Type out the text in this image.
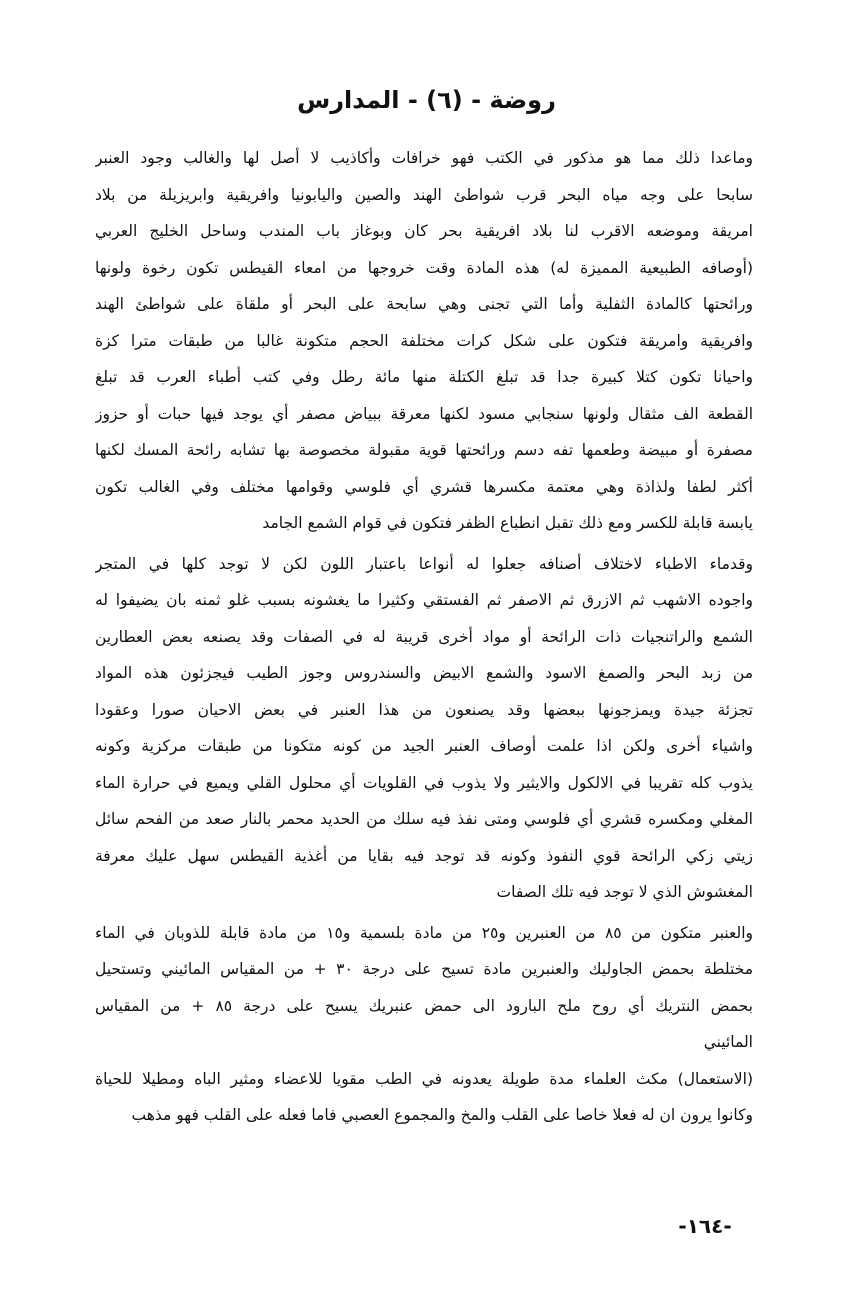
روضة - (٦) - المدارس
وماعدا ذلك مما هو مذكور في الكتب فهو خرافات وأكاذيب لا أصل لها والغالب وجود العنبر
سابحا على وجه مياه البحر قرب شواطئ الهند والصين واليابونيا وافريقية وابريزيلة من بلاد
امريقة وموضعه الاقرب لنا بلاد افريقية بحر كان وبوغاز باب المندب وساحل الخليج العربي
(أوصافه الطبيعية المميزة له) هذه المادة وقت خروجها من امعاء القيطس تكون رخوة ولونها
ورائحتها كالمادة الثفلية وأما التي تجنى وهي سابحة على البحر أو ملقاة على شواطئ الهند
وافريقية وامريقة فتكون على شكل كرات مختلفة الحجم متكونة غالبا من طبقات مترا كزة
واحيانا تكون كتلا كبيرة جدا قد تبلغ الكتلة منها مائة رطل وفي كتب أطباء العرب قد تبلغ
القطعة الف مثقال ولونها سنجابي مسود لكنها معرقة ببياض مصفر أي يوجد فيها حبات أو حزوز
مصفرة أو مبيضة وطعمها تفه دسم ورائحتها قوية مقبولة مخصوصة بها تشابه رائحة المسك لكنها
أكثر لطفا ولذاذة وهي معتمة مكسرها قشري أي فلوسي وقوامها مختلف وفي الغالب تكون
يابسة قابلة للكسر ومع ذلك تقبل انطباع الظفر فتكون في قوام الشمع الجامد
وقدماء الاطباء لاختلاف أصنافه جعلوا له أنواعا باعتبار اللون لكن لا توجد كلها في المتجر
واجوده الاشهب ثم الازرق ثم الاصفر ثم الفستقي وكثيرا ما يغشونه بسبب غلو ثمنه بان يضيفوا له
الشمع والراتنجيات ذات الرائحة أو مواد أخرى قريبة له في الصفات وقد يصنعه بعض العطارين
من زبد البحر والصمغ الاسود والشمع الابيض والسندروس وجوز الطيب فيجزئون هذه المواد
تجزئة جيدة ويمزجونها ببعضها وقد يصنعون من هذا العنبر في بعض الاحيان صورا وعقودا
واشياء أخرى ولكن اذا علمت أوصاف العنبر الجيد من كونه متكونا من طبقات مركزية وكونه
يذوب كله تقريبا في الالكول والايثير ولا يذوب في القلويات أي محلول القلي ويميع في حرارة الماء
المغلي ومكسره قشري أي فلوسي ومتى نفذ فيه سلك من الحديد محمر بالنار صعد من الفحم سائل
زيتي زكي الرائحة قوي النفوذ وكونه قد توجد فيه بقايا من أغذية القيطس سهل عليك معرفة
المغشوش الذي لا توجد فيه تلك الصفات
والعنبر متكون من ٨٥ من العنبرين و٢٥ من مادة بلسمية و١٥ من مادة قابلة للذوبان في الماء
مختلطة بحمض الجاوليك والعنبرين مادة تسيح على درجة ٣٠ + من المقياس المائيني وتستحيل
بحمض النتريك أي روح ملح البارود الى حمض عنبريك يسيح على درجة ٨٥ + من المقياس
المائيني
(الاستعمال) مكث العلماء مدة طويلة يعدونه في الطب مقويا للاعضاء ومثير الباه ومطيلا للحياة
وكانوا يرون ان له فعلا خاصا على القلب والمخ والمجموع العصبي فاما فعله على القلب فهو مذهب
-١٦٤-
